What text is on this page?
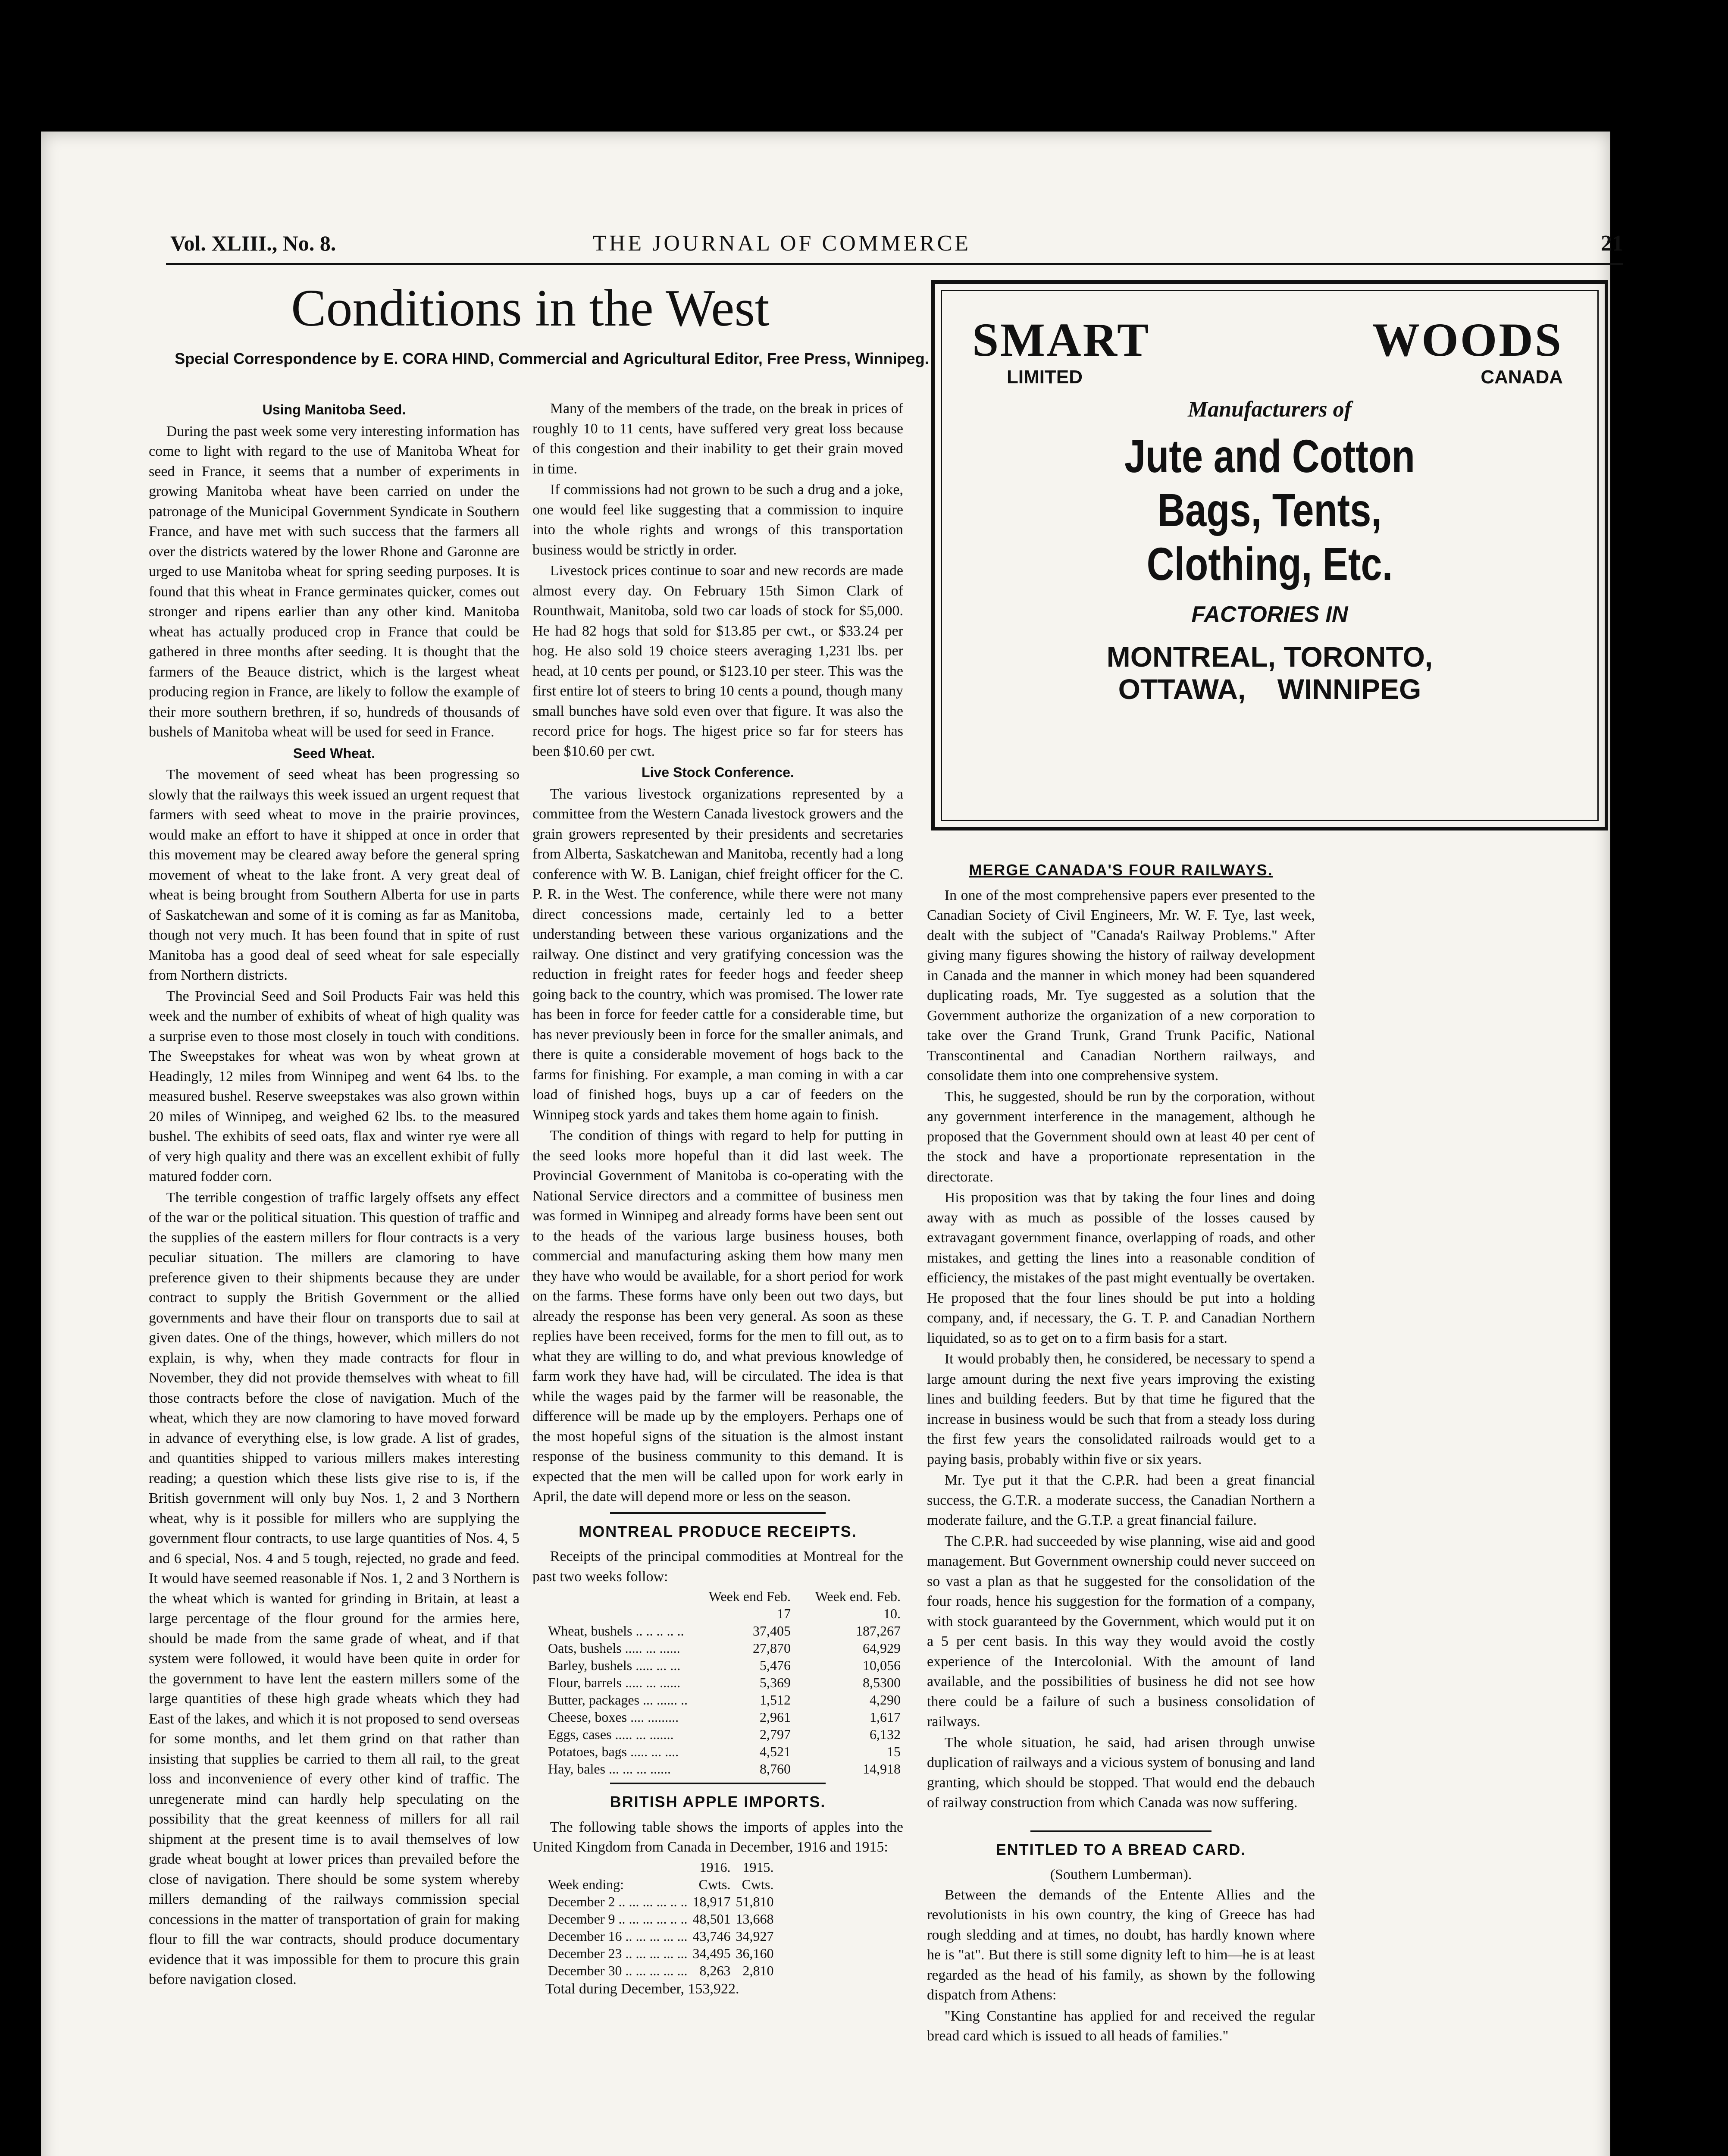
Vol. XLIII., No. 8.	THE JOURNAL OF COMMERCE	21
Conditions in the West
Special Correspondence by E. CORA HIND, Commercial and Agricultural Editor, Free Press, Winnipeg.
Using Manitoba Seed.

During the past week some very interesting information has come to light with regard to the use of Manitoba Wheat for seed in France, it seems that a number of experiments in growing Manitoba wheat have been carried on under the patronage of the Municipal Government Syndicate in Southern France, and have met with such success that the farmers all over the districts watered by the lower Rhone and Garonne are urged to use Manitoba wheat for spring seeding purposes. It is found that this wheat in France germinates quicker, comes out stronger and ripens earlier than any other kind. Manitoba wheat has actually produced crop in France that could be gathered in three months after seeding. It is thought that the farmers of the Beauce district, which is the largest wheat producing region in France, are likely to follow the example of their more southern brethren, if so, hundreds of thousands of bushels of Manitoba wheat will be used for seed in France.

Seed Wheat.

The movement of seed wheat has been progressing so slowly that the railways this week issued an urgent request that farmers with seed wheat to move in the prairie provinces, would make an effort to have it shipped at once in order that this movement may be cleared away before the general spring movement of wheat to the lake front. A very great deal of wheat is being brought from Southern Alberta for use in parts of Saskatchewan and some of it is coming as far as Manitoba, though not very much. It has been found that in spite of rust Manitoba has a good deal of seed wheat for sale especially from Northern districts.

The Provincial Seed and Soil Products Fair was held this week and the number of exhibits of wheat of high quality was a surprise even to those most closely in touch with conditions. The Sweepstakes for wheat was won by wheat grown at Headingly, 12 miles from Winnipeg and went 64 lbs. to the measured bushel. Reserve sweepstakes was also grown within 20 miles of Winnipeg, and weighed 62 lbs. to the measured bushel. The exhibits of seed oats, flax and winter rye were all of very high quality and there was an excellent exhibit of fully matured fodder corn.

The terrible congestion of traffic largely offsets any effect of the war or the political situation. This question of traffic and the supplies of the eastern millers for flour contracts is a very peculiar situation. The millers are clamoring to have preference given to their shipments because they are under contract to supply the British Government or the allied governments and have their flour on transports due to sail at given dates. One of the things, however, which millers do not explain, is why, when they made contracts for flour in November, they did not provide themselves with wheat to fill those contracts before the close of navigation. Much of the wheat, which they are now clamoring to have moved forward in advance of everything else, is low grade. A list of grades, and quantities shipped to various millers makes interesting reading; a question which these lists give rise to is, if the British government will only buy Nos. 1, 2 and 3 Northern wheat, why is it possible for millers who are supplying the government flour contracts, to use large quantities of Nos. 4, 5 and 6 special, Nos. 4 and 5 tough, rejected, no grade and feed. It would have seemed reasonable if Nos. 1, 2 and 3 Northern is the wheat which is wanted for grinding in Britain, at least a large percentage of the flour ground for the armies here, should be made from the same grade of wheat, and if that system were followed, it would have been quite in order for the government to have lent the eastern millers some of the large quantities of these high grade wheats which they had East of the lakes, and which it is not proposed to send overseas for some months, and let them grind on that rather than insisting that supplies be carried to them all rail, to the great loss and inconvenience of every other kind of traffic. The unregenerate mind can hardly help speculating on the possibility that the great keenness of millers for all rail shipment at the present time is to avail themselves of low grade wheat bought at lower prices than prevailed before the close of navigation. There should be some system whereby millers demanding of the railways commission special concessions in the matter of transportation of grain for making flour to fill the war contracts, should produce documentary evidence that it was impossible for them to procure this grain before navigation closed.

Many of the members of the trade, on the break in prices of roughly 10 to 11 cents, have suffered very great loss because of this congestion and their inability to get their grain moved in time.

If commissions had not grown to be such a drug and a joke, one would feel like suggesting that a commission to inquire into the whole rights and wrongs of this transportation business would be strictly in order.

Livestock prices continue to soar and new records are made almost every day. On February 15th Simon Clark of Rounthwait, Manitoba, sold two car loads of stock for $5,000. He had 82 hogs that sold for $13.85 per cwt., or $33.24 per hog. He also sold 19 choice steers averaging 1,231 lbs. per head, at 10 cents per pound, or $123.10 per steer. This was the first entire lot of steers to bring 10 cents a pound, though many small bunches have sold even over that figure. It was also the record price for hogs. The higest price so far for steers has been $10.60 per cwt.

Live Stock Conference.

The various livestock organizations represented by a committee from the Western Canada livestock growers and the grain growers represented by their presidents and secretaries from Alberta, Saskatchewan and Manitoba, recently had a long conference with W. B. Lanigan, chief freight officer for the C. P. R. in the West. The conference, while there were not many direct concessions made, certainly led to a better understanding between these various organizations and the railway. One distinct and very gratifying concession was the reduction in freight rates for feeder hogs and feeder sheep going back to the country, which was promised. The lower rate has been in force for feeder cattle for a considerable time, but has never previously been in force for the smaller animals, and there is quite a considerable movement of hogs back to the farms for finishing. For example, a man coming in with a car load of finished hogs, buys up a car of feeders on the Winnipeg stock yards and takes them home again to finish.

The condition of things with regard to help for putting in the seed looks more hopeful than it did last week. The Provincial Government of Manitoba is co-operating with the National Service directors and a committee of business men was formed in Winnipeg and already forms have been sent out to the heads of the various large business houses, both commercial and manufacturing asking them how many men they have who would be available, for a short period for work on the farms. These forms have only been out two days, but already the response has been very general. As soon as these replies have been received, forms for the men to fill out, as to what they are willing to do, and what previous knowledge of farm work they have had, will be circulated. The idea is that while the wages paid by the farmer will be reasonable, the difference will be made up by the employers. Perhaps one of the most hopeful signs of the situation is the almost instant response of the business community to this demand. It is expected that the men will be called upon for work early in April, the date will depend more or less on the season.

MONTREAL PRODUCE RECEIPTS.

Receipts of the principal commodities at Montreal for the past two weeks follow:

	Week end Feb. 17	Week end. Feb. 10.
Wheat, bushels .. .. .. .. ..	37,405	187,267
Oats, bushels ..... ... ......	27,870	64,929
Barley, bushels ..... ... ...	5,476	10,056
Flour, barrels ..... ... ......	5,369	8,5300
Butter, packages ... ...... ..	1,512	4,290
Cheese, boxes .... .........	2,961	1,617
Eggs, cases ..... ... .......	2,797	6,132
Potatoes, bags ..... ... ....	4,521	15
Hay, bales ... ... ... ......	8,760	14,918
BRITISH APPLE IMPORTS.

The following table shows the imports of apples into the United Kingdom from Canada in December, 1916 and 1915:

	1916.	1915.
Week ending:	Cwts.	Cwts.
December 2 .. ... ... ... .. ..	18,917	51,810
December 9 .. ... ... ... .. ..	48,501	13,668
December 16 .. ... ... ... ...	43,746	34,927
December 23 .. ... ... ... ...	34,495	36,160
December 30 .. ... ... ... ...	8,263	2,810

Total during December, 153,922.

SMART	WOODS
LIMITED	CANADA
Manufacturers of
Jute and Cotton
Bags, Tents,
Clothing, Etc.
FACTORIES IN
MONTREAL, TORONTO,
OTTAWA,    WINNIPEG
MERGE CANADA'S FOUR RAILWAYS.

In one of the most comprehensive papers ever presented to the Canadian Society of Civil Engineers, Mr. W. F. Tye, last week, dealt with the subject of "Canada's Railway Problems." After giving many figures showing the history of railway development in Canada and the manner in which money had been squandered duplicating roads, Mr. Tye suggested as a solution that the Government authorize the organization of a new corporation to take over the Grand Trunk, Grand Trunk Pacific, National Transcontinental and Canadian Northern railways, and consolidate them into one comprehensive system.

This, he suggested, should be run by the corporation, without any government interference in the management, although he proposed that the Government should own at least 40 per cent of the stock and have a proportionate representation in the directorate.

His proposition was that by taking the four lines and doing away with as much as possible of the losses caused by extravagant government finance, overlapping of roads, and other mistakes, and getting the lines into a reasonable condition of efficiency, the mistakes of the past might eventually be overtaken. He proposed that the four lines should be put into a holding company, and, if necessary, the G. T. P. and Canadian Northern liquidated, so as to get on to a firm basis for a start.

It would probably then, he considered, be necessary to spend a large amount during the next five years improving the existing lines and building feeders. But by that time he figured that the increase in business would be such that from a steady loss during the first few years the consolidated railroads would get to a paying basis, probably within five or six years.

Mr. Tye put it that the C.P.R. had been a great financial success, the G.T.R. a moderate success, the Canadian Northern a moderate failure, and the G.T.P. a great financial failure.

The C.P.R. had succeeded by wise planning, wise aid and good management. But Government ownership could never succeed on so vast a plan as that he suggested for the consolidation of the four roads, hence his suggestion for the formation of a company, with stock guaranteed by the Government, which would put it on a 5 per cent basis. In this way they would avoid the costly experience of the Intercolonial. With the amount of land available, and the possibilities of business he did not see how there could be a failure of such a business consolidation of railways.

The whole situation, he said, had arisen through unwise duplication of railways and a vicious system of bonusing and land granting, which should be stopped. That would end the debauch of railway construction from which Canada was now suffering.

ENTITLED TO A BREAD CARD.
(Southern Lumberman).

Between the demands of the Entente Allies and the revolutionists in his own country, the king of Greece has had rough sledding and at times, no doubt, has hardly known where he is "at". But there is still some dignity left to him—he is at least regarded as the head of his family, as shown by the following dispatch from Athens:

"King Constantine has applied for and received the regular bread card which is issued to all heads of families."
